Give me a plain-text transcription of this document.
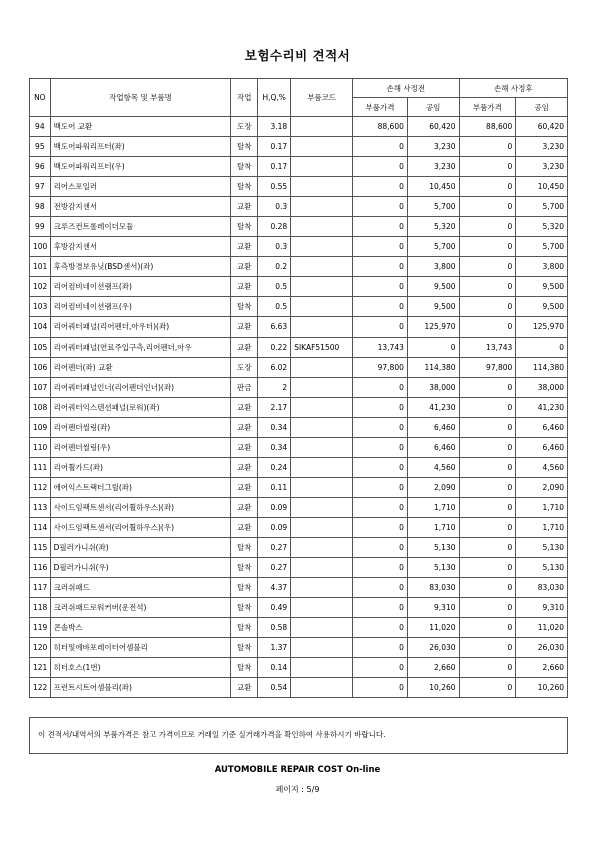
보험수리비 견적서
NO	작업항목 및 부품명	작업	H,Q,%	부품코드	손해 사정전		손해 사정후	
					부품가격	공임	부품가격	공임
94	백도어 교환	도장	3.18		88,600	60,420	88,600	60,420
95	백도어파워리프터(좌)	탈착	0.17		0	3,230	0	3,230
96	백도어파워리프터(우)	탈착	0.17		0	3,230	0	3,230
97	리어스포일러	탈착	0.55		0	10,450	0	10,450
98	전방감지센서	교환	0.3		0	5,700	0	5,700
99	크루즈컨트롤레이더모듈	탈착	0.28		0	5,320	0	5,320
100	후방감지센서	교환	0.3		0	5,700	0	5,700
101	후측방경보유닛(BSD센서)(좌)	교환	0.2		0	3,800	0	3,800
102	리어컴비네이션램프(좌)	교환	0.5		0	9,500	0	9,500
103	리어컴비네이션램프(우)	탈착	0.5		0	9,500	0	9,500
104	리어쿼터패널(리어펜더,아우터)(좌)	교환	6.63		0	125,970	0	125,970
105	리어쿼터패널(연료주입구측,리어펜더,아우	교환	0.22	SIKAF51500	13,743	0	13,743	0
106	리어펜더(좌) 교환	도장	6.02		97,800	114,380	97,800	114,380
107	리어쿼터패널인너(리어펜더인너)(좌)	판금	2		0	38,000	0	38,000
108	리어쿼터익스텐션패널(로워)(좌)	교환	2.17		0	41,230	0	41,230
109	리어펜더씰링(좌)	교환	0.34		0	6,460	0	6,460
110	리어펜더씰링(우)	교환	0.34		0	6,460	0	6,460
111	리어휠가드(좌)	교환	0.24		0	4,560	0	4,560
112	에어익스트랙터그릴(좌)	교환	0.11		0	2,090	0	2,090
113	사이드임팩트센서(리어휠하우스)(좌)	교환	0.09		0	1,710	0	1,710
114	사이드임팩트센서(리어휠하우스)(우)	교환	0.09		0	1,710	0	1,710
115	D필러가니쉬(좌)	탈착	0.27		0	5,130	0	5,130
116	D필러가니쉬(우)	탈착	0.27		0	5,130	0	5,130
117	크러쉬패드	탈착	4.37		0	83,030	0	83,030
118	크러쉬패드로워커버(운전석)	탈착	0.49		0	9,310	0	9,310
119	콘솔박스	탈착	0.58		0	11,020	0	11,020
120	히터및에바포레이터어셈블리	탈착	1.37		0	26,030	0	26,030
121	히터호스(1번)	탈착	0.14		0	2,660	0	2,660
122	프런트시트어셈블리(좌)	교환	0.54		0	10,260	0	10,260
이 견적서/내역서의 부품가격은 참고 가격이므로 거래일 기준 실거래가격을 확인하여 사용하시기 바랍니다.
AUTOMOBILE REPAIR COST On-line
페이지 : 5/9
